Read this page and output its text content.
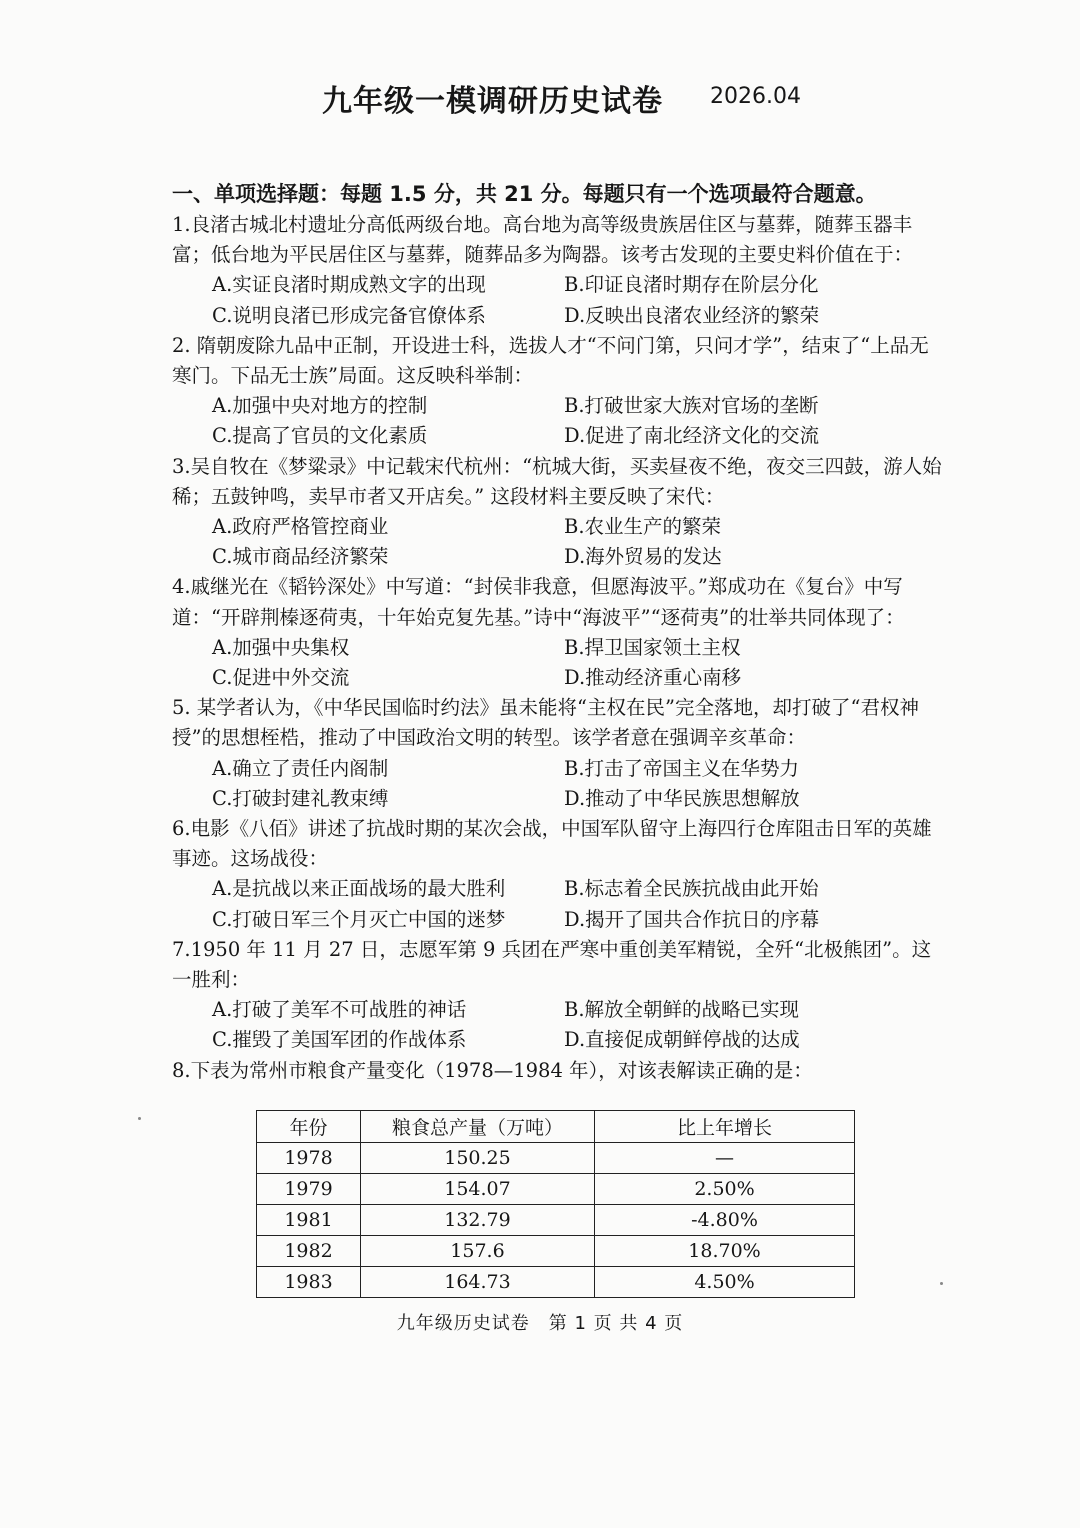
九年级一模调研历史试卷 2026.04
一、单项选择题：每题 1.5 分，共 21 分。每题只有一个选项最符合题意。
1.良渚古城北村遗址分高低两级台地。高台地为高等级贵族居住区与墓葬，随葬玉器丰富；低台地为平民居住区与墓葬，随葬品多为陶器。该考古发现的主要史料价值在于：
A.实证良渚时期成熟文字的出现	B.印证良渚时期存在阶层分化
C.说明良渚已形成完备官僚体系	D.反映出良渚农业经济的繁荣
2. 隋朝废除九品中正制，开设进士科，选拔人才“不问门第，只问才学”，结束了“上品无寒门。下品无士族”局面。这反映科举制：
A.加强中央对地方的控制	B.打破世家大族对官场的垄断
C.提高了官员的文化素质	D.促进了南北经济文化的交流
3.吴自牧在《梦粱录》中记载宋代杭州：“杭城大街，买卖昼夜不绝，夜交三四鼓，游人始稀；五鼓钟鸣，卖早市者又开店矣。” 这段材料主要反映了宋代：
A.政府严格管控商业	B.农业生产的繁荣
C.城市商品经济繁荣	D.海外贸易的发达
4.戚继光在《韬钤深处》中写道：“封侯非我意，但愿海波平。”郑成功在《复台》中写道：“开辟荆榛逐荷夷，十年始克复先基。”诗中“海波平”“逐荷夷”的壮举共同体现了：
A.加强中央集权	B.捍卫国家领土主权
C.促进中外交流	D.推动经济重心南移
5. 某学者认为，《中华民国临时约法》虽未能将“主权在民”完全落地，却打破了“君权神授”的思想桎梏，推动了中国政治文明的转型。该学者意在强调辛亥革命：
A.确立了责任内阁制	B.打击了帝国主义在华势力
C.打破封建礼教束缚	D.推动了中华民族思想解放
6.电影《八佰》讲述了抗战时期的某次会战，中国军队留守上海四行仓库阻击日军的英雄事迹。这场战役：
A.是抗战以来正面战场的最大胜利	B.标志着全民族抗战由此开始
C.打破日军三个月灭亡中国的迷梦	D.揭开了国共合作抗日的序幕
7.1950 年 11 月 27 日，志愿军第 9 兵团在严寒中重创美军精锐，全歼“北极熊团”。这一胜利：
A.打破了美军不可战胜的神话	B.解放全朝鲜的战略已实现
C.摧毁了美国军团的作战体系	D.直接促成朝鲜停战的达成
8.下表为常州市粮食产量变化（1978—1984 年），对该表解读正确的是：
年份	粮食总产量（万吨）	比上年增长
1978	150.25	—
1979	154.07	2.50%
1981	132.79	-4.80%
1982	157.6	18.70%
1983	164.73	4.50%
九年级历史试卷　第 1 页 共 4 页
